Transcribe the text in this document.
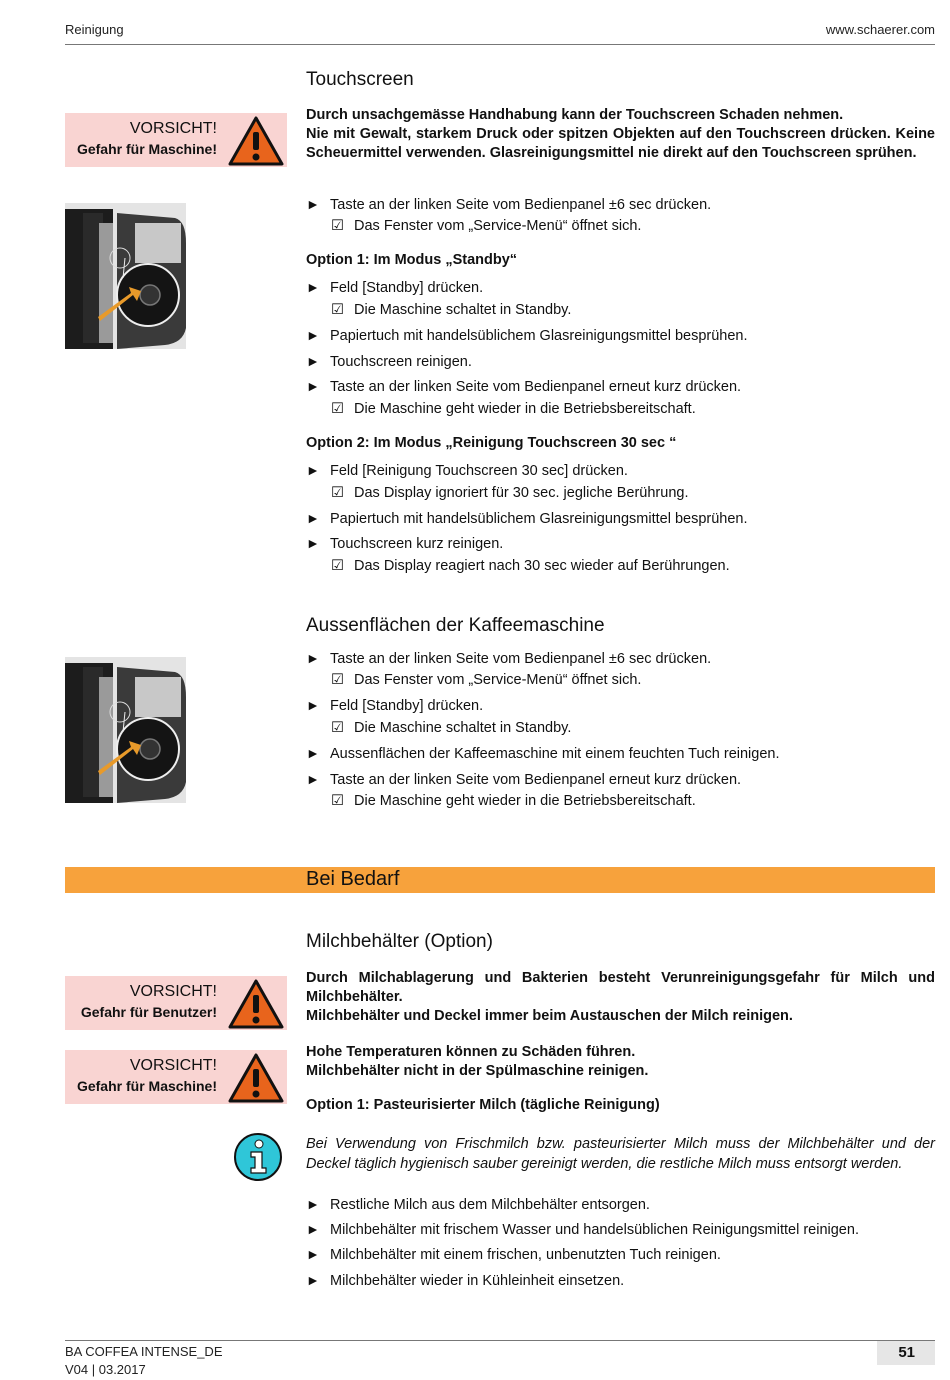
Reinigung	www.schaerer.com
Touchscreen
VORSICHT!
Gefahr für Maschine!

Durch unsachgemässe Handhabung kann der Touchscreen Schaden nehmen.

Nie mit Gewalt, starkem Druck oder spitzen Objekten auf den Touchscreen drücken. Keine Scheuermittel verwenden. Glasreinigungsmittel nie direkt auf den Touchscreen sprühen.

► Taste an der linken Seite vom Bedienpanel ±6 sec drücken.
☑ Das Fenster vom „Service-Menü“ öffnet sich.
Option 1: Im Modus „Standby“
► Feld [Standby] drücken.
☑ Die Maschine schaltet in Standby.
► Papiertuch mit handelsüblichem Glasreinigungsmittel besprühen.
► Touchscreen reinigen.
► Taste an der linken Seite vom Bedienpanel erneut kurz drücken.
☑ Die Maschine geht wieder in die Betriebsbereitschaft.
Option 2: Im Modus „Reinigung Touchscreen 30 sec “
► Feld [Reinigung Touchscreen 30 sec] drücken.
☑ Das Display ignoriert für 30 sec. jegliche Berührung.
► Papiertuch mit handelsüblichem Glasreinigungsmittel besprühen.
► Touchscreen kurz reinigen.
☑ Das Display reagiert nach 30 sec wieder auf Berührungen.
Aussenflächen der Kaffeemaschine
► Taste an der linken Seite vom Bedienpanel ±6 sec drücken.
☑ Das Fenster vom „Service-Menü“ öffnet sich.
► Feld [Standby] drücken.
☑ Die Maschine schaltet in Standby.
► Aussenflächen der Kaffeemaschine mit einem feuchten Tuch reinigen.
► Taste an der linken Seite vom Bedienpanel erneut kurz drücken.
☑ Die Maschine geht wieder in die Betriebsbereitschaft.
Bei Bedarf
Milchbehälter (Option)
VORSICHT!
Gefahr für Benutzer!

Durch Milchablagerung und Bakterien besteht Verunreinigungsgefahr für Milch und Milchbehälter.

Milchbehälter und Deckel immer beim Austauschen der Milch reinigen.

VORSICHT!
Gefahr für Maschine!

Hohe Temperaturen können zu Schäden führen.

Milchbehälter nicht in der Spülmaschine reinigen.

Option 1: Pasteurisierter Milch (tägliche Reinigung)
Bei Verwendung von Frischmilch bzw. pasteurisierter Milch muss der Milchbehälter und der Deckel täglich hygienisch sauber gereinigt werden, die restliche Milch muss entsorgt werden.
► Restliche Milch aus dem Milchbehälter entsorgen.
► Milchbehälter mit frischem Wasser und handelsüblichen Reinigungsmittel reinigen.
► Milchbehälter mit einem frischen, unbenutzten Tuch reinigen.
► Milchbehälter wieder in Kühleinheit einsetzen.
BA COFFEA INTENSE_DE
V04 | 03.2017
51
